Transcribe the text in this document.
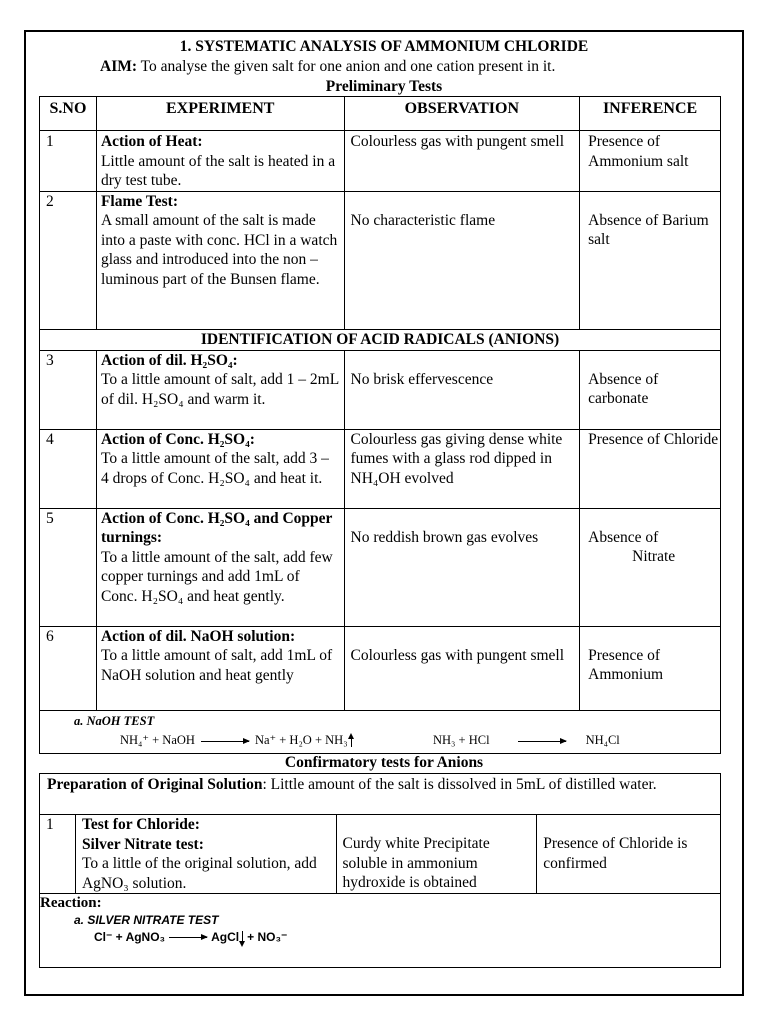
1. SYSTEMATIC ANALYSIS OF AMMONIUM CHLORIDE
AIM: To analyse the given salt for one anion and one cation present in it.
Preliminary Tests
S.NO	EXPERIMENT	OBSERVATION	INFERENCE
1	Action of Heat:
Little amount of the salt is heated in a dry test tube.	Colourless gas with pungent smell	Presence of Ammonium salt
2	Flame Test:
A small amount of the salt is made into a paste with conc. HCl in a watch glass and introduced into the non – luminous part of the Bunsen flame.	No characteristic flame	Absence of Barium salt
IDENTIFICATION OF ACID RADICALS (ANIONS)			
3	Action of dil. H₂SO₄:
To a little amount of salt, add 1 – 2mL of dil. H₂SO₄ and warm it.	No brisk effervescence	Absence of carbonate
4	Action of Conc. H₂SO₄:
To a little amount of the salt, add 3 – 4 drops of Conc. H₂SO₄ and heat it.	Colourless gas giving dense white fumes with a glass rod dipped in NH₄OH evolved	Presence of Chloride
5	Action of Conc. H₂SO₄ and Copper turnings:
To a little amount of the salt, add few copper turnings and add 1mL of Conc. H₂SO₄ and heat gently.	No reddish brown gas evolves	Absence of
Nitrate
6	Action of dil. NaOH solution:
To a little amount of salt, add 1mL of NaOH solution and heat gently	Colourless gas with pungent smell	Presence of Ammonium

a. NaOH TEST
NH₄⁺ + NaOH Na⁺ + H₂O + NH₃ NH₃ + HCl NH₄Cl			
Confirmatory tests for Anions
Preparation of Original Solution: Little amount of the salt is dissolved in 5mL of distilled water.
1	Test for Chloride:
Silver Nitrate test:
To a little of the original solution, add AgNO₃ solution.	Curdy white Precipitate soluble in ammonium hydroxide is obtained	Presence of Chloride is confirmed

Reaction:
a. SILVER NITRATE TEST
Cl⁻ + AgNO₃	AgCl + NO₃⁻
